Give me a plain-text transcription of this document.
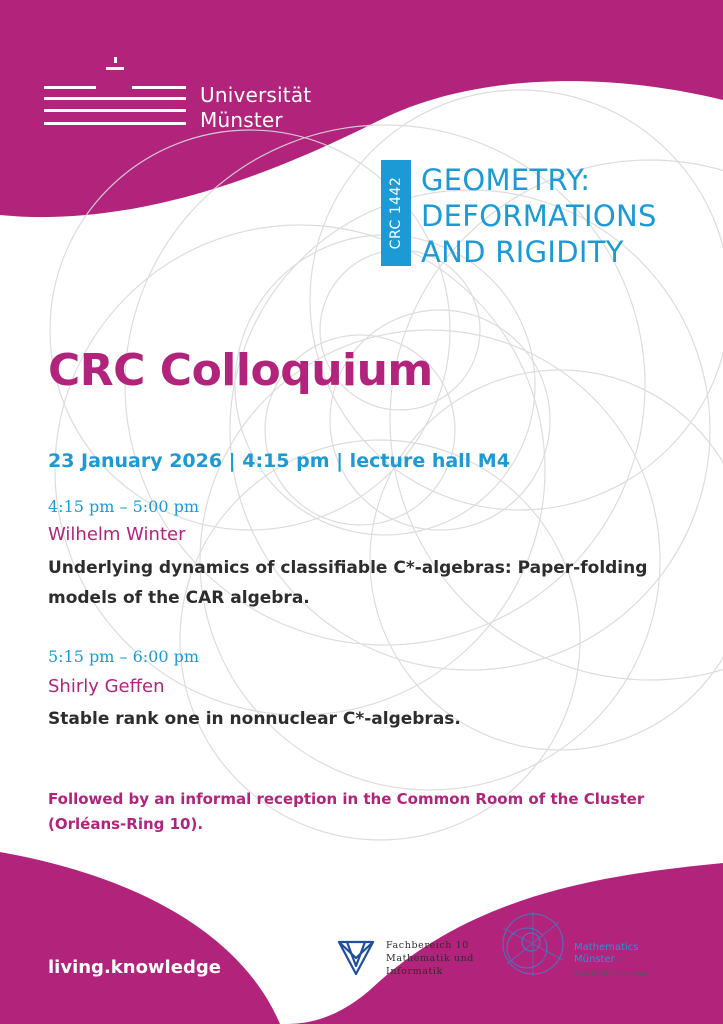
Universität
Münster
CRC 1442 GEOMETRY:
DEFORMATIONS
AND RIGIDITY
CRC Colloquium
23 January 2026 | 4:15 pm | lecture hall M4
4:15 pm – 5:00 pm
Wilhelm Winter
Underlying dynamics of classifiable C*-algebras: Paper-folding models of the CAR algebra.
5:15 pm – 6:00 pm
Shirly Geffen
Stable rank one in nonnuclear C*-algebras.
Followed by an informal reception in the Common Room of the Cluster (Orléans-Ring 10).
living.knowledge
Fachbereich 10
Mathematik und
Informatik
MM
Mathematics
Münster
Cluster of Excellence
